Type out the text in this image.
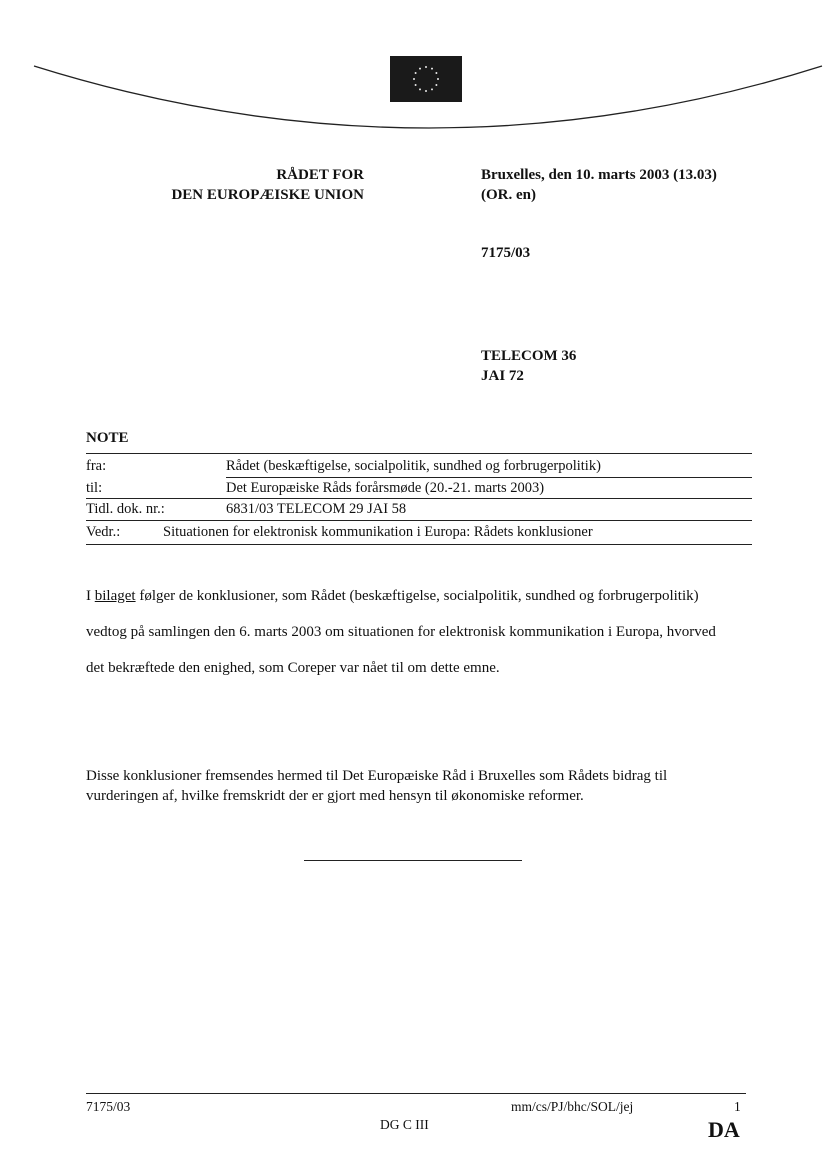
RÅDET FOR
DEN EUROPÆISKE UNION
Bruxelles, den 10. marts 2003 (13.03)
(OR. en)
7175/03
TELECOM 36
JAI 72
NOTE
fra:	Rådet (beskæftigelse, socialpolitik, sundhed og forbrugerpolitik)
til:	Det Europæiske Råds forårsmøde (20.-21. marts 2003)
Tidl. dok. nr.:	6831/03 TELECOM 29 JAI 58
Vedr.:	Situationen for elektronisk kommunikation i Europa: Rådets konklusioner
I bilaget følger de konklusioner, som Rådet (beskæftigelse, socialpolitik, sundhed og forbrugerpolitik) vedtog på samlingen den 6. marts 2003 om situationen for elektronisk kommunikation i Europa, hvorved det bekræftede den enighed, som Coreper var nået til om dette emne.
Disse konklusioner fremsendes hermed til Det Europæiske Råd i Bruxelles som Rådets bidrag til vurderingen af, hvilke fremskridt der er gjort med hensyn til økonomiske reformer.
7175/03	mm/cs/PJ/bhc/SOL/jej	1
DG C III	DA
